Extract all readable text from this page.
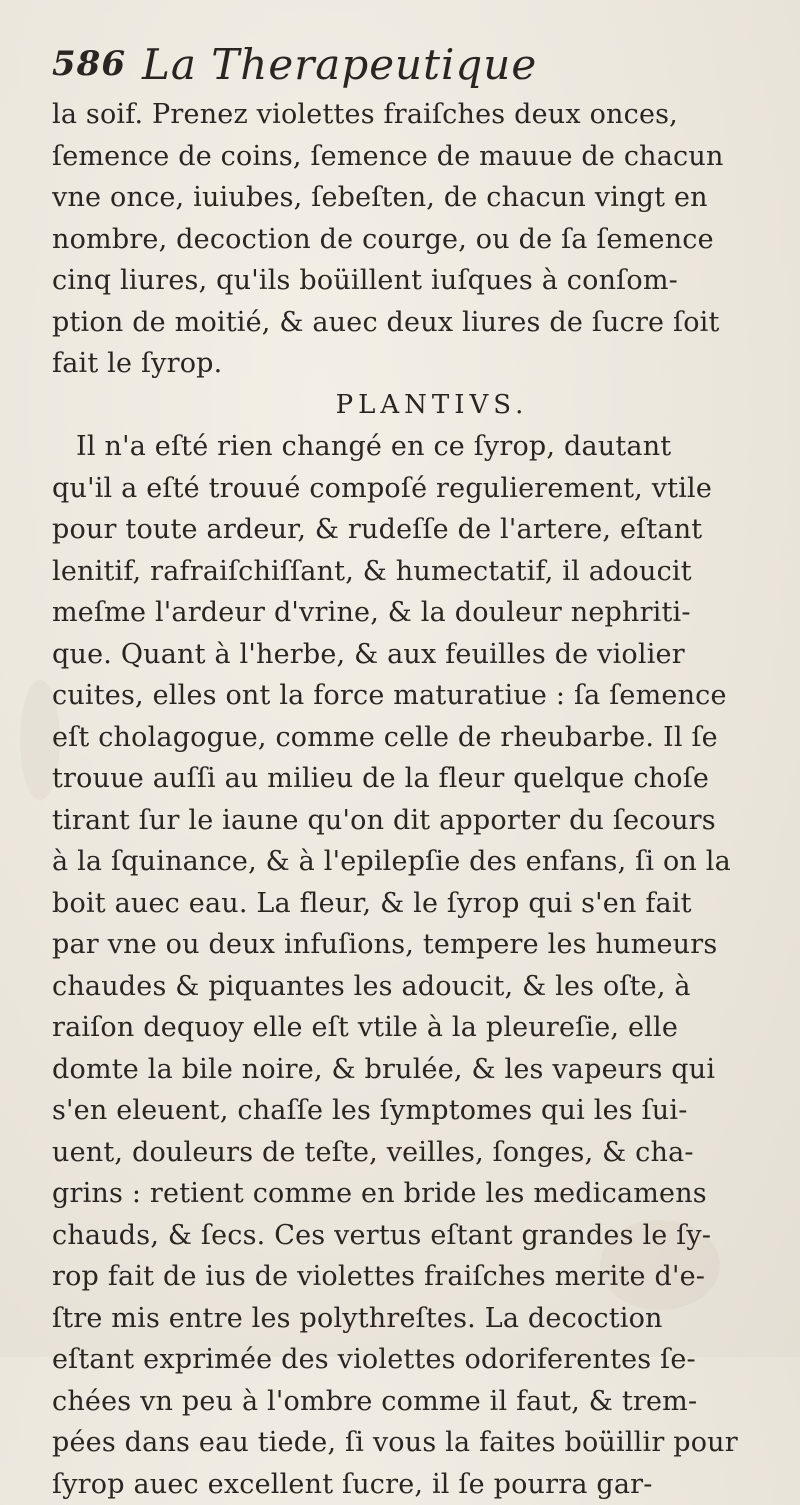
586 La Therapeutique
la soif. Prenez violettes fraiſches deux onces,
ſemence de coins, ſemence de mauue de chacun
vne once, iuiubes, ſebeſten, de chacun vingt en
nombre, decoction de courge, ou de ſa ſemence
cinq liures, qu'ils boüillent iuſques à conſom-
ption de moitié, & auec deux liures de ſucre ſoit
fait le ſyrop.
PLANTIVS.
Il n'a eſté rien changé en ce ſyrop, dautant
qu'il a eſté trouué compoſé regulierement, vtile
pour toute ardeur, & rudeſſe de l'artere, eſtant
lenitif, rafraiſchiſſant, & humectatif, il adoucit
meſme l'ardeur d'vrine, & la douleur nephriti-
que. Quant à l'herbe, & aux feuilles de violier
cuites, elles ont la force maturatiue : ſa ſemence
eſt cholagogue, comme celle de rheubarbe. Il ſe
trouue auſſi au milieu de la fleur quelque choſe
tirant ſur le iaune qu'on dit apporter du ſecours
à la ſquinance, & à l'epilepſie des enfans, ſi on la
boit auec eau. La fleur, & le ſyrop qui s'en fait
par vne ou deux infuſions, tempere les humeurs
chaudes & piquantes les adoucit, & les oſte, à
raiſon dequoy elle eſt vtile à la pleureſie, elle
domte la bile noire, & brulée, & les vapeurs qui
s'en eleuent, chaſſe les ſymptomes qui les ſui-
uent, douleurs de teſte, veilles, ſonges, & cha-
grins : retient comme en bride les medicamens
chauds, & ſecs. Ces vertus eſtant grandes le ſy-
rop fait de ius de violettes fraiſches merite d'e-
ſtre mis entre les polythreſtes. La decoction
eſtant exprimée des violettes odoriferentes ſe-
chées vn peu à l'ombre comme il faut, & trem-
pées dans eau tiede, ſi vous la faites boüillir pour
ſyrop auec excellent ſucre, il ſe pourra gar-
